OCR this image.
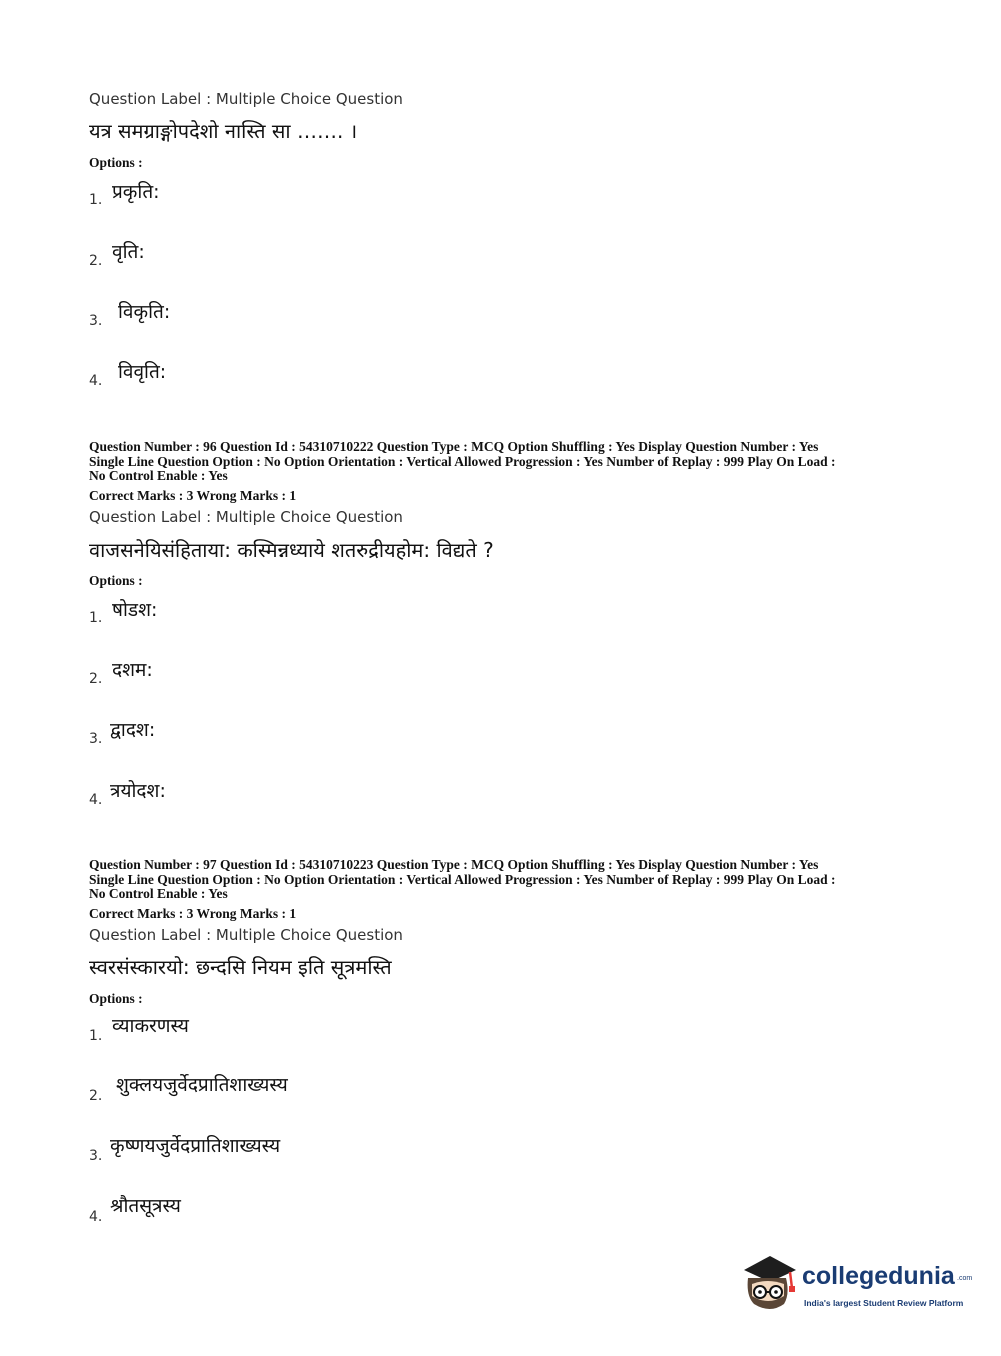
Question Label : Multiple Choice Question
यत्र समग्राङ्गोपदेशो नास्ति सा ……. ।
Options :
1. प्रकृति:
2. वृति:
3. विकृति:
4. विवृति:
Question Number : 96 Question Id : 54310710222 Question Type : MCQ Option Shuffling : Yes Display Question Number : Yes
Single Line Question Option : No Option Orientation : Vertical Allowed Progression : Yes Number of Replay : 999 Play On Load :
No Control Enable : Yes
Correct Marks : 3 Wrong Marks : 1
Question Label : Multiple Choice Question
वाजसनेयिसंहिताया: कस्मिन्नध्याये शतरुद्रीयहोम: विद्यते ?
Options :
1. षोडश:
2. दशम:
3. द्वादश:
4. त्रयोदश:
Question Number : 97 Question Id : 54310710223 Question Type : MCQ Option Shuffling : Yes Display Question Number : Yes
Single Line Question Option : No Option Orientation : Vertical Allowed Progression : Yes Number of Replay : 999 Play On Load :
No Control Enable : Yes
Correct Marks : 3 Wrong Marks : 1
Question Label : Multiple Choice Question
स्वरसंस्कारयो: छन्दसि नियम इति सूत्रमस्ति
Options :
1. व्याकरणस्य
2. शुक्लयजुर्वेदप्रातिशाख्यस्य
3. कृष्णयजुर्वेदप्रातिशाख्यस्य
4. श्रौतसूत्रस्य
collegedunia .com
India's largest Student Review Platform
